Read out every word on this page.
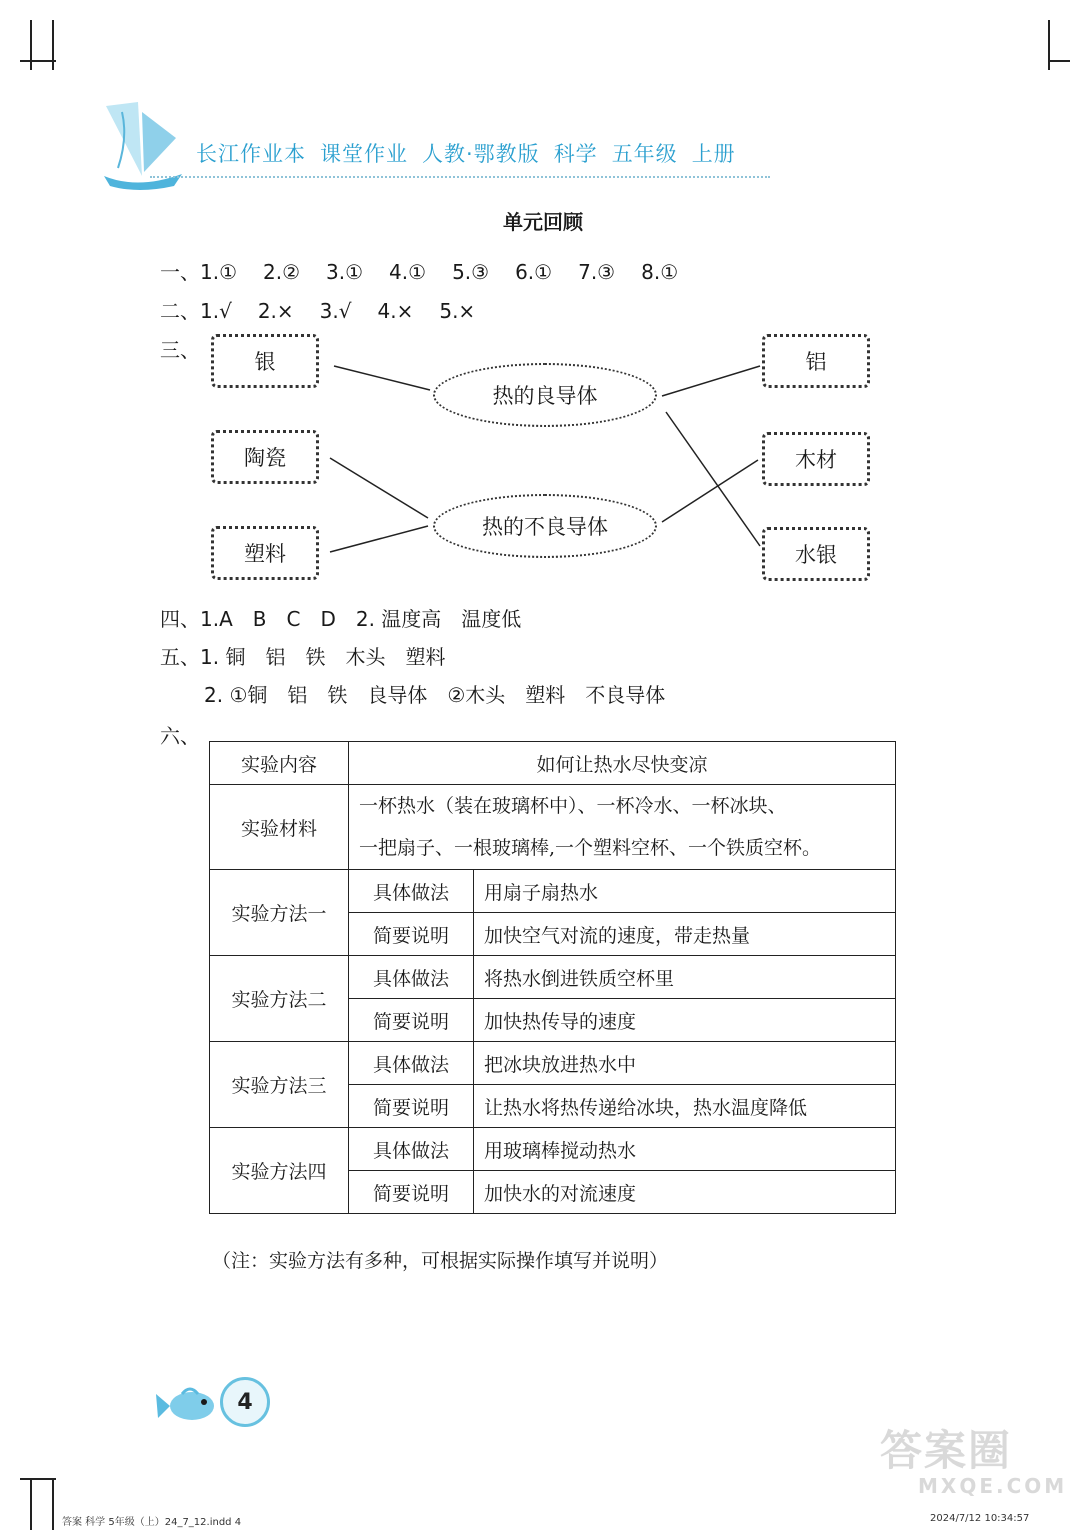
长江作业本 课堂作业 人教·鄂教版 科学 五年级 上册
单元回顾
一、1.① 2.② 3.① 4.① 5.③ 6.① 7.③ 8.①
二、1.√ 2.× 3.√ 4.× 5.×
三、	银
陶瓷
塑料
热的良导体
热的不良导体
铝
木材
水银
四、1.A　B　C　D　2. 温度高　温度低
五、1. 铜　铝　铁　木头　塑料
2. ①铜　铝　铁　良导体　②木头　塑料　不良导体
六、
实验内容	如何让热水尽快变凉	
实验材料	一杯热水（装在玻璃杯中）、一杯冷水、一杯冰块、
一把扇子、一根玻璃棒,一个塑料空杯、一个铁质空杯。	

实验方法一	具体做法	用扇子扇热水
	简要说明	加快空气对流的速度，带走热量
实验方法二	具体做法	将热水倒进铁质空杯里
	简要说明	加快热传导的速度
实验方法三	具体做法	把冰块放进热水中
	简要说明	让热水将热传递给冰块，热水温度降低
实验方法四	具体做法	用玻璃棒搅动热水
	简要说明	加快水的对流速度
（注：实验方法有多种，可根据实际操作填写并说明）
4
答案圈
MXQE.COM
答案 科学 5年级（上）24_7_12.indd 4	2024/7/12 10:34:57
